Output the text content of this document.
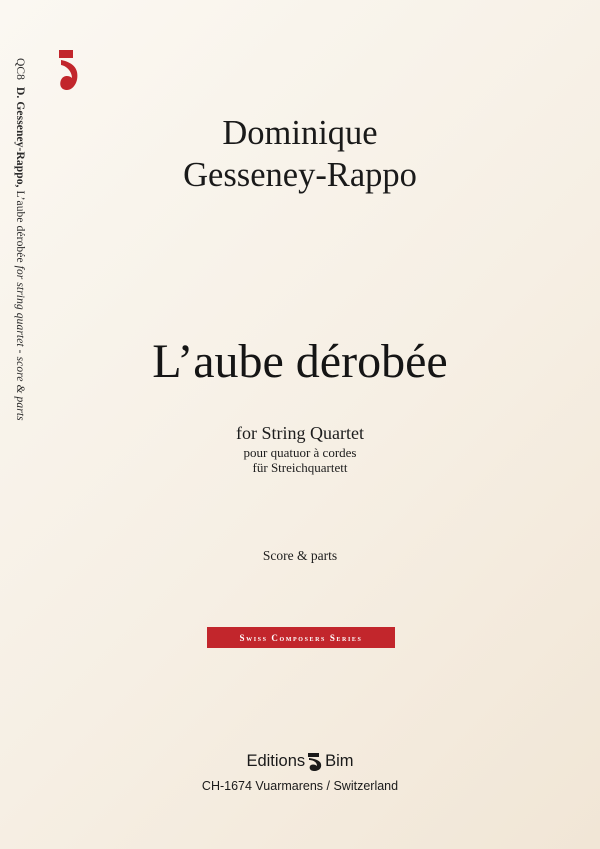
QC8 D. Gesseney-Rappo, L’aube dérobée for string quartet - score & parts
Dominique
Gesseney-Rappo
L’aube dérobée
for String Quartet
pour quatuor à cordes
für Streichquartett
Score & parts
Swiss Composers Series
Editions Bim
CH-1674 Vuarmarens / Switzerland
